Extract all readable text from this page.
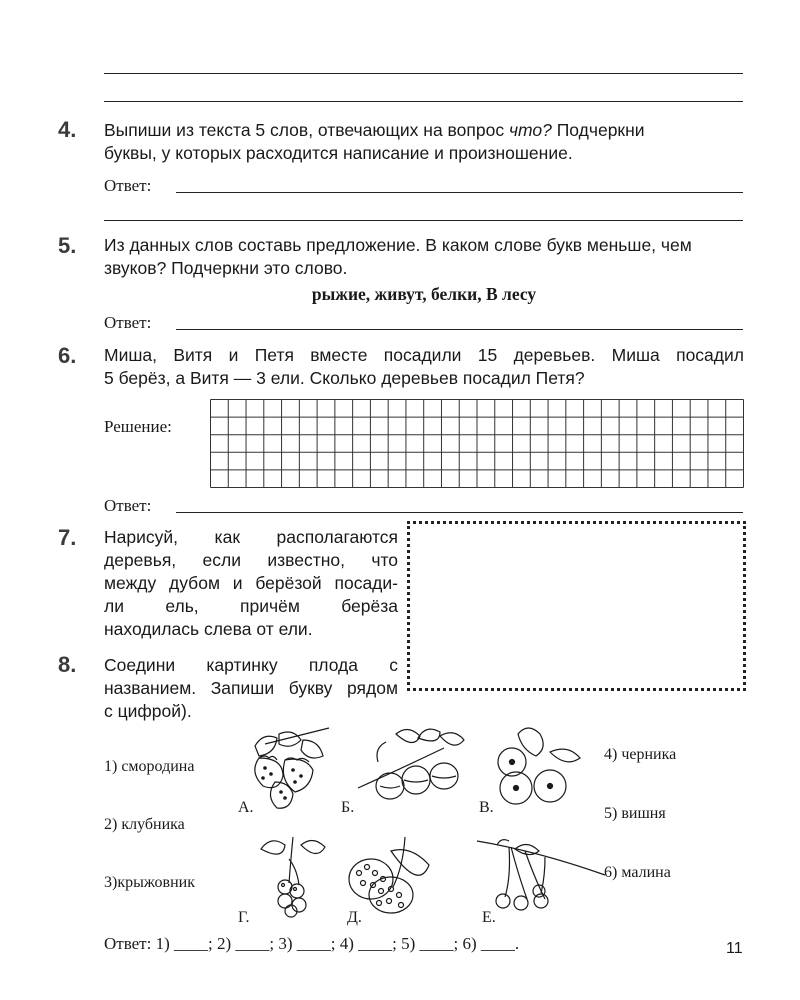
4. Выпиши из текста 5 слов, отвечающих на вопрос что? Подчеркни
буквы, у которых расходится написание и произношение.
Ответ:
5. Из данных слов составь предложение. В каком слове букв меньше, чем
звуков? Подчеркни это слово.
рыжие, живут, белки, В лесу
Ответ:
6. Миша, Витя и Петя вместе посадили 15 деревьев. Миша посадил
5 берёз, а Витя — 3 ели. Сколько деревьев посадил Петя?
Решение:
Ответ:
7. Нарисуй, как располагаются
деревья, если известно, что
между дубом и берёзой посади-
ли ель, причём берёза
находилась слева от ели.
8. Соедини картинку плода с
названием. Запиши букву рядом
с цифрой).
1) смородина
2) клубника
3)крыжовник
4) черника
5) вишня
6) малина
А.	Б.	В.
Г.	Д.	Е.
Ответ: 1) ____; 2) ____; 3) ____; 4) ____; 5) ____; 6) ____.	11
